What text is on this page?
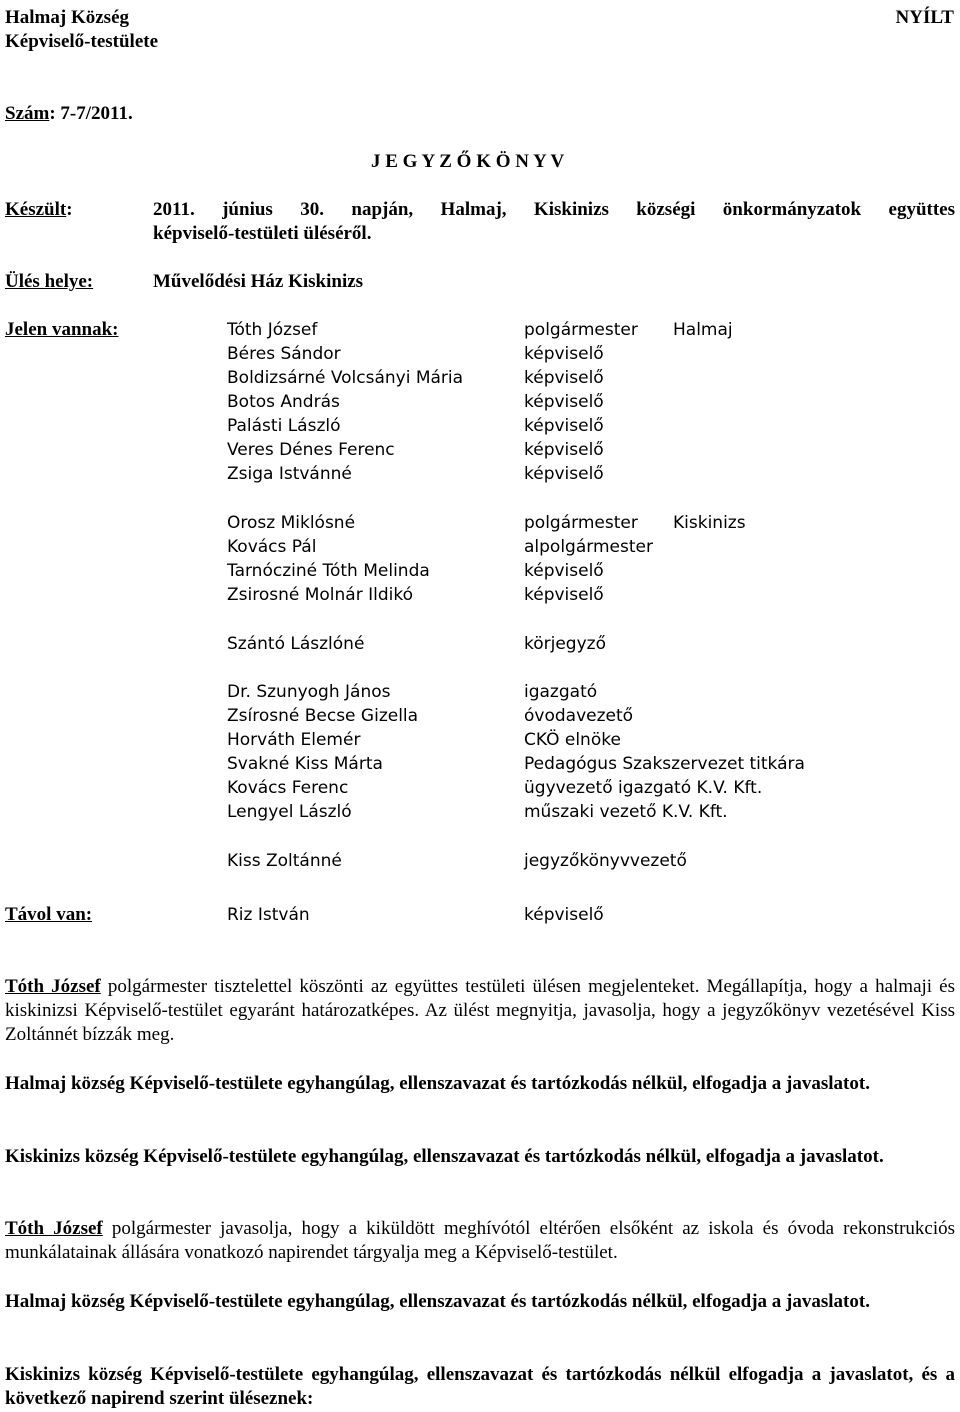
Halmaj Község
Képviselő-testülete
NYÍLT
Szám: 7-7/2011.
J E G Y Z Ő K Ö N Y V
Készült:	2011. június 30. napján, Halmaj, Kiskinizs községi önkormányzatok együttes
képviselő-testületi üléséről.
Ülés helye:	Művelődési Ház Kiskinizs
Jelen vannak:	Tóth József	polgármester Halmaj
Béres Sándor	képviselő
Boldizsárné Volcsányi Mária	képviselő
Botos András	képviselő
Palásti László	képviselő
Veres Dénes Ferenc	képviselő
Zsiga Istvánné	képviselő
Orosz Miklósné	polgármester Kiskinizs
Kovács Pál	alpolgármester
Tarnócziné Tóth Melinda	képviselő
Zsirosné Molnár Ildikó	képviselő
Szántó Lászlóné	körjegyző
Dr. Szunyogh János	igazgató
Zsírosné Becse Gizella	óvodavezető
Horváth Elemér	CKÖ elnöke
Svakné Kiss Márta	Pedagógus Szakszervezet titkára
Kovács Ferenc	ügyvezető igazgató K.V. Kft.
Lengyel László	műszaki vezető K.V. Kft.
Kiss Zoltánné	jegyzőkönyvvezető
Távol van:	Riz István	képviselő

Tóth József polgármester tisztelettel köszönti az együttes testületi ülésen megjelenteket. Megállapítja, hogy a halmaji és kiskinizsi Képviselő-testület egyaránt határozatképes. Az ülést megnyitja, javasolja, hogy a jegyzőkönyv vezetésével Kiss Zoltánnét bízzák meg.

Halmaj község Képviselő-testülete egyhangúlag, ellenszavazat és tartózkodás nélkül, elfogadja a javaslatot.
Kiskinizs község Képviselő-testülete egyhangúlag, ellenszavazat és tartózkodás nélkül, elfogadja a javaslatot.

Tóth József polgármester javasolja, hogy a kiküldött meghívótól eltérően elsőként az iskola és óvoda rekonstrukciós munkálatainak állására vonatkozó napirendet tárgyalja meg a Képviselő-testület.

Halmaj község Képviselő-testülete egyhangúlag, ellenszavazat és tartózkodás nélkül, elfogadja a javaslatot.
Kiskinizs község Képviselő-testülete egyhangúlag, ellenszavazat és tartózkodás nélkül elfogadja a javaslatot, és a következő napirend szerint üléseznek:
